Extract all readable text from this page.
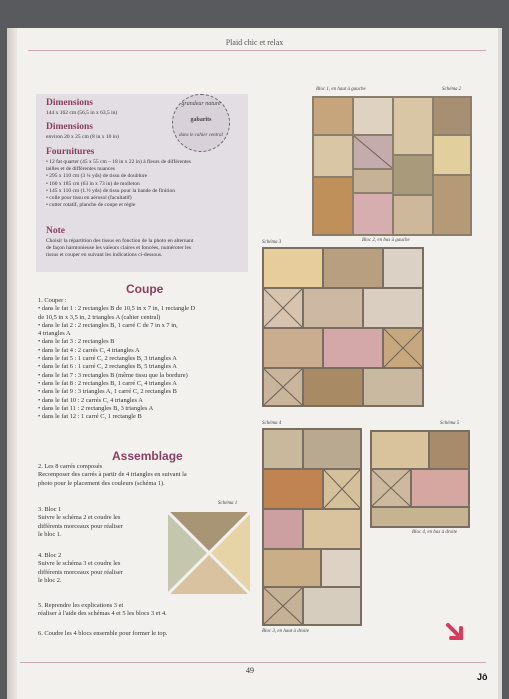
Plaid chic et relax
Dimensions
144 x 162 cm (56,5 in x 63,5 in)
Dimensions
environ 20 x 25 cm (8 in x 10 in)
grandeur nature
gabarits
dans le cahier central
Fournitures
• 12 fat quarter (45 x 55 cm – 18 in x 22 in) à fleurs de différentes
tailles et de différentes nuances
• 295 x 110 cm (3 ¼ yds) de tissu de doublure
• 160 x 185 cm (63 in x 73 in) de molleton
• 145 x 110 cm (1.½ yds) de tissu pour la bande de finition
• colle pour tissu en aérosol (facultatif)
• cutter rotatif, planche de coupe et règle
Note
Choisir la répartition des tissus en fonction de la photo en alternant
de façon harmonieuse les valeurs claires et foncées, numéroter les
tissus et couper en suivant les indications ci-dessous.
Coupe
1. Couper :
• dans le fat 1 : 2 rectangles B de 10,5 in x 7 in, 1 rectangle D
de 10,5 in x 3,5 in, 2 triangles A (cahier central)
• dans le fat 2 : 2 rectangles B, 1 carré C de 7 in x 7 in,
4 triangles A
• dans le fat 3 : 2 rectangles B
• dans le fat 4 : 2 carrés C, 4 triangles A
• dans le fat 5 : 1 carré C, 2 rectangles B, 3 triangles A
• dans le fat 6 : 1 carré C, 2 rectangles B, 5 triangles A
• dans le fat 7 : 3 rectangles B (même tissu que la bordure)
• dans le fat 8 : 2 rectangles B, 1 carré C, 4 triangles A
• dans le fat 9 : 3 triangles A, 1 carré C, 2 rectangles B
• dans le fat 10 : 2 carrés C, 4 triangles A
• dans le fat 11 : 2 rectangles B, 3 triangles A
• dans le fat 12 : 1 carré C, 1 rectangle B
Assemblage
2. Les 8 carrés composés
Recomposer des carrés à partir de 4 triangles en suivant la
photo pour le placement des couleurs (schéma 1).
3. Bloc 1
Suivre le schéma 2 et coudre les
différents morceaux pour réaliser
le bloc 1.
4. Bloc 2
Suivre le schéma 3 et coudre les
différents morceaux pour réaliser
le bloc 2.
5. Reprendre les explications 3 et
réaliser à l'aide des schémas 4 et 5 les blocs 3 et 4.
6. Coudre les 4 blocs ensemble pour former le top.
Schéma 1
Bloc 1, en haut à gauche	Schéma 2
Bloc 2, en bas à gauche
Schéma 3
Schéma 4
Bloc 3, en haut à droite
Schéma 5
Bloc 4, en bas à droite
49
Jô
